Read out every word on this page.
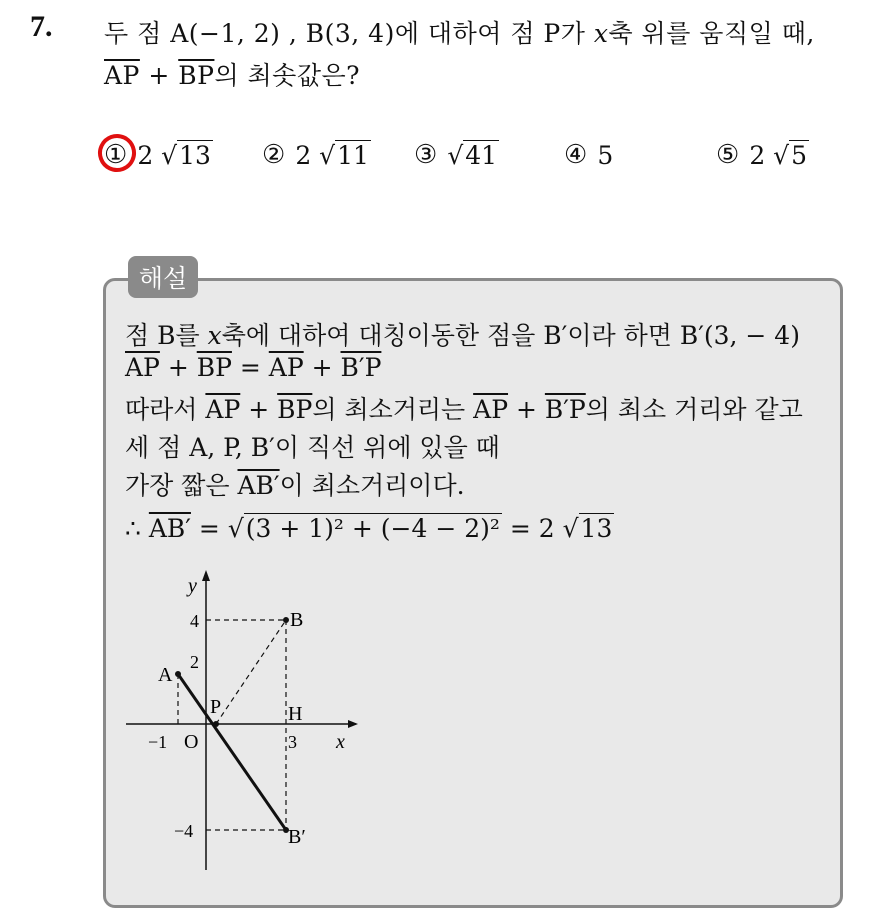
7. 두 점 A(−1, 2) , B(3, 4)에 대하여 점 P가 x축 위를 움직일 때,
$\overline{AP} + \overline{BP}$의 최솟값은?
① 2 √13 ② 2 √11 ③ √41	④ 5	⑤ 2 √5
해설
점 B를 x축에 대하여 대칭이동한 점을 B′이라 하면 B′(3, − 4)
$\overline{AP} + \overline{BP} = \overline{AP} + B'P$
따라서 $\overline{AP} + \overline{BP}$의 최소거리는 $\overline{AP} + B'P$의 최소 거리와 같고
세 점 A, P, B′이 직선 위에 있을 때
가장 짧은 AB′이 최소거리이다.
∴ AB′ = √(3 + 1)² + (−4 − 2)² = 2 √13
y
x
O
A
B
P	H
B′
−1	3
4
2
−4
